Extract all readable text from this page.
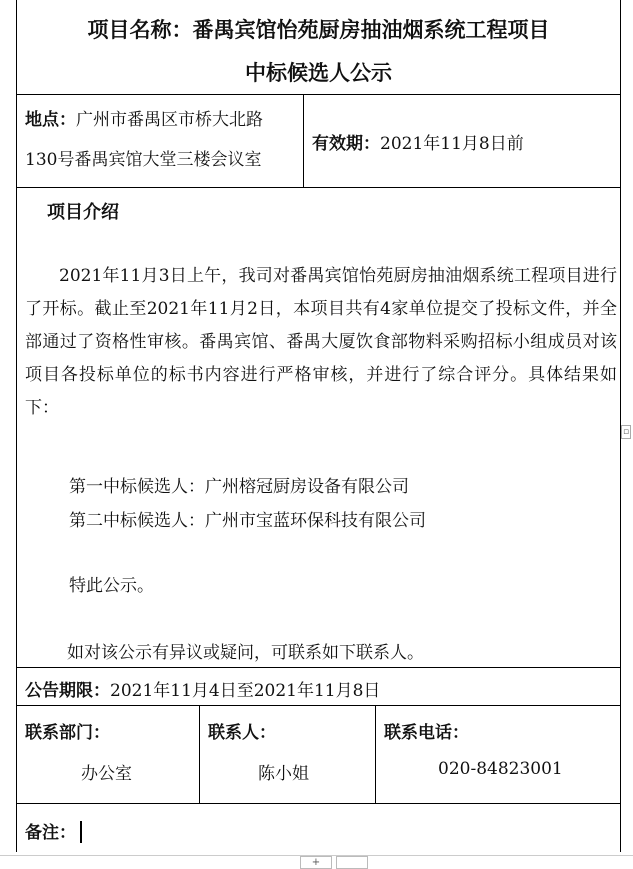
项目名称：番禺宾馆怡苑厨房抽油烟系统工程项目
中标候选人公示
地点：广州市番禺区市桥大北路
130号番禺宾馆大堂三楼会议室
有效期：2021年11月8日前
项目介绍
2021年11月3日上午，我司对番禺宾馆怡苑厨房抽油烟系统工程项目进行了开标。截止至2021年11月2日，本项目共有4家单位提交了投标文件，并全部通过了资格性审核。番禺宾馆、番禺大厦饮食部物料采购招标小组成员对该项目各投标单位的标书内容进行严格审核，并进行了综合评分。具体结果如下：
第一中标候选人：广州榕冠厨房设备有限公司
第二中标候选人：广州市宝蓝环保科技有限公司
特此公示。
如对该公示有异议或疑问，可联系如下联系人。
公告期限：2021年11月4日至2021年11月8日
联系部门：
办公室
联系人：
陈小姐
联系电话：
020-84823001
备注：
▫
+
